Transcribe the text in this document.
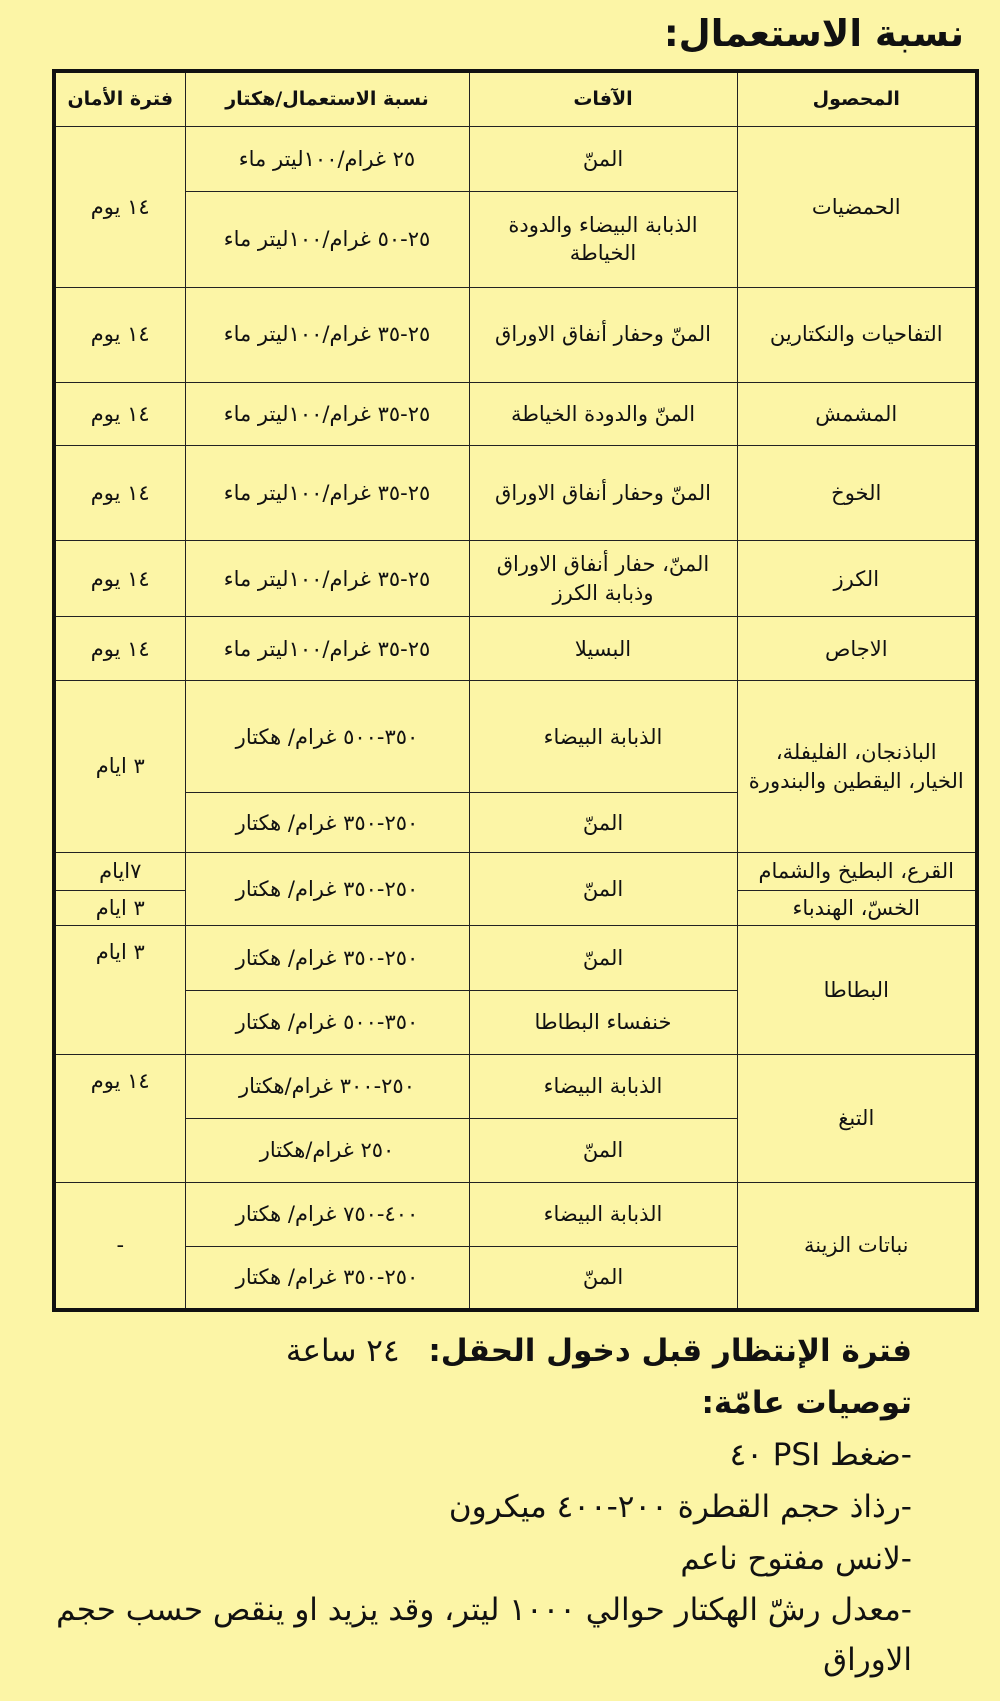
نسبة الاستعمال:
المحصول	الآفات	نسبة الاستعمال/هكتار	فترة الأمان
الحمضيات	المنّ	٢٥ غرام/١٠٠ليتر ماء	١٤ يوم
	الذبابة البيضاء والدودة الخياطة	٢٥-٥٠ غرام/١٠٠ليتر ماء	
التفاحيات والنكتارين	المنّ وحفار أنفاق الاوراق	٢٥-٣٥ غرام/١٠٠ليتر ماء	١٤ يوم
المشمش	المنّ والدودة الخياطة	٢٥-٣٥ غرام/١٠٠ليتر ماء	١٤ يوم
الخوخ	المنّ وحفار أنفاق الاوراق	٢٥-٣٥ غرام/١٠٠ليتر ماء	١٤ يوم
الكرز	المنّ، حفار أنفاق الاوراق وذبابة الكرز	٢٥-٣٥ غرام/١٠٠ليتر ماء	١٤ يوم
الاجاص	البسيلا	٢٥-٣٥ غرام/١٠٠ليتر ماء	١٤ يوم
الباذنجان، الفليفلة، الخيار، اليقطين والبندورة	الذبابة البيضاء	٣٥٠-٥٠٠ غرام/ هكتار	٣ ايام
	المنّ	٢٥٠-٣٥٠ غرام/ هكتار	
القرع، البطيخ والشمام	المنّ	٢٥٠-٣٥٠ غرام/ هكتار	٧ايام
الخسّ، الهندباء			٣ ايام
البطاطا	المنّ	٢٥٠-٣٥٠ غرام/ هكتار	٣ ايام
	خنفساء البطاطا	٣٥٠-٥٠٠ غرام/ هكتار	
التبغ	الذبابة البيضاء	٢٥٠-٣٠٠ غرام/هكتار	١٤ يوم
	المنّ	٢٥٠ غرام/هكتار	
نباتات الزينة	الذبابة البيضاء	٤٠٠-٧٥٠ غرام/ هكتار	-
	المنّ	٢٥٠-٣٥٠ غرام/ هكتار	
فترة الإنتظار قبل دخول الحقل: ٢٤ ساعة
توصيات عامّة:
-ضغط PSI ٤٠
-رذاذ حجم القطرة ٢٠٠-٤٠٠ ميكرون
-لانس مفتوح ناعم
-معدل رشّ الهكتار حوالي ١٠٠٠ ليتر، وقد يزيد او ينقص حسب حجم الاوراق
